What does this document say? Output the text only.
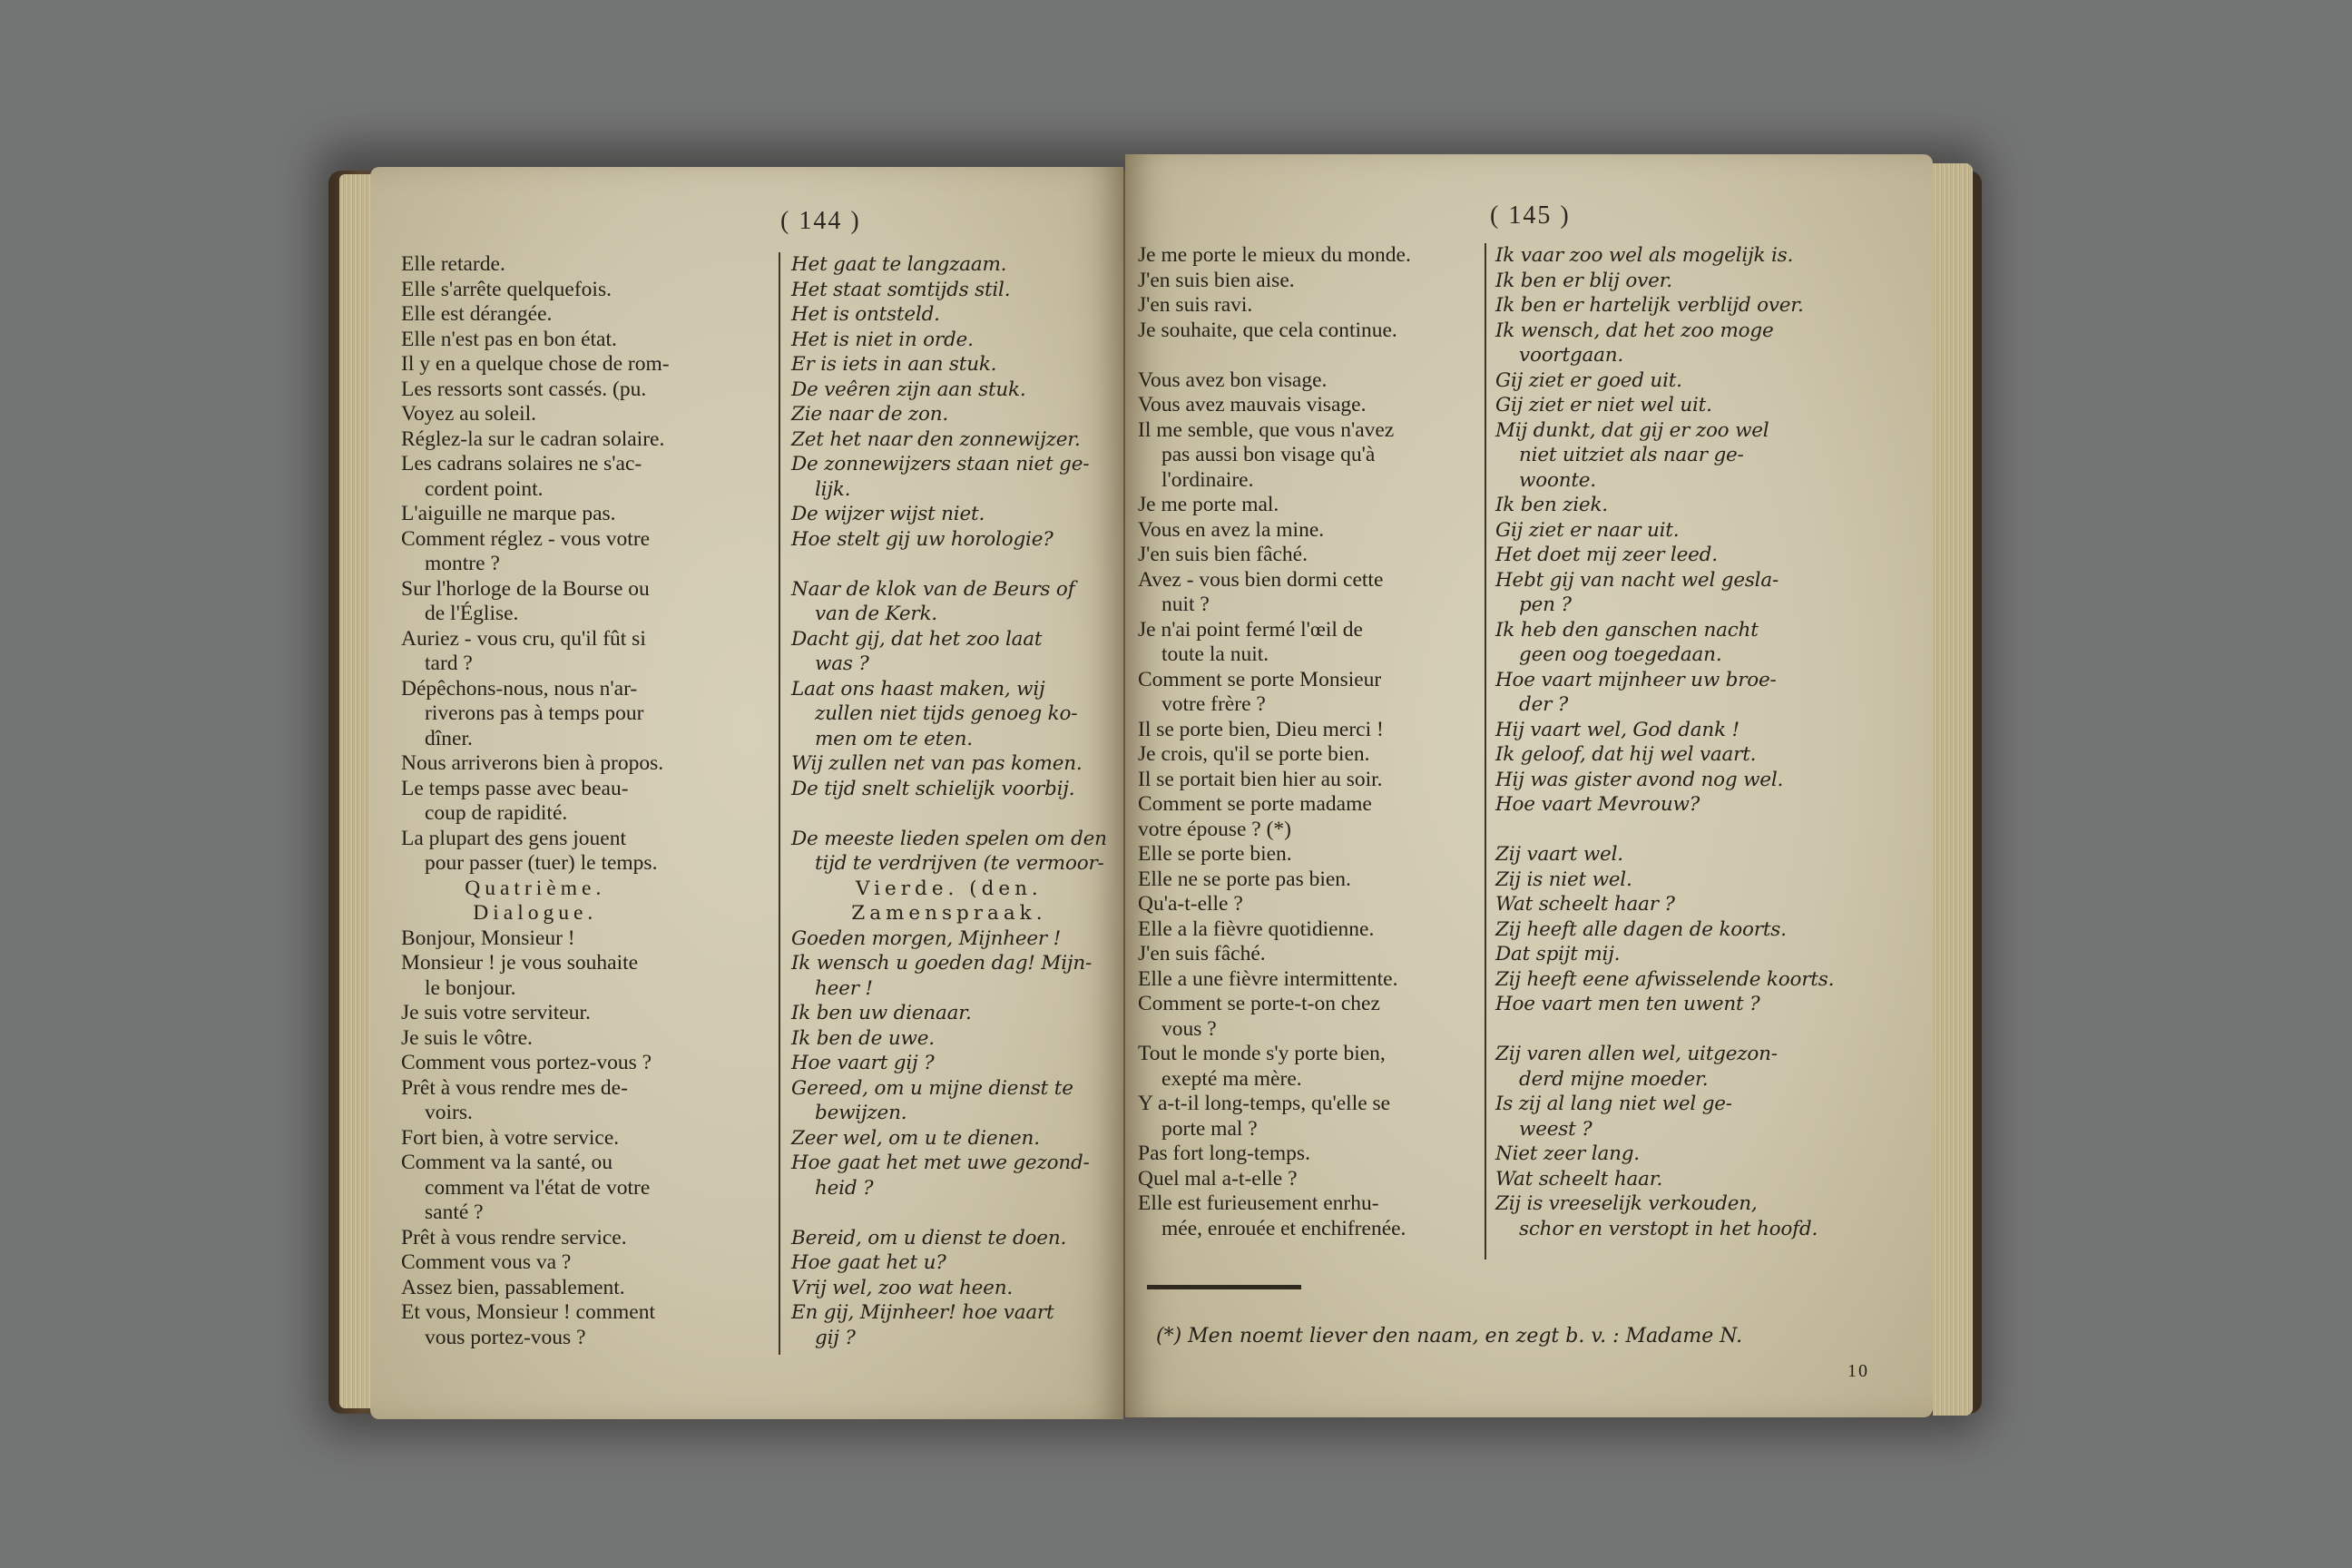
( 144 )
Elle retarde.
Elle s'arrête quelquefois.
Elle est dérangée.
Elle n'est pas en bon état.
Il y en a quelque chose de rom-
Les ressorts sont cassés. (pu.
Voyez au soleil.
Réglez-la sur le cadran solaire.
Les cadrans solaires ne s'ac-
cordent point.
L'aiguille ne marque pas.
Comment réglez - vous votre
montre ?
Sur l'horloge de la Bourse ou
de l'Église.
Auriez - vous cru, qu'il fût si
tard ?
Dépêchons-nous, nous n'ar-
riverons pas à temps pour
dîner.
Nous arriverons bien à propos.
Le temps passe avec beau-
coup de rapidité.
La plupart des gens jouent
pour passer (tuer) le temps.
Quatrième.
Dialogue.
Bonjour, Monsieur !
Monsieur ! je vous souhaite
le bonjour.
Je suis votre serviteur.
Je suis le vôtre.
Comment vous portez-vous ?
Prêt à vous rendre mes de-
voirs.
Fort bien, à votre service.
Comment va la santé, ou
comment va l'état de votre
santé ?
Prêt à vous rendre service.
Comment vous va ?
Assez bien, passablement.
Et vous, Monsieur ! comment
vous portez-vous ?
Het gaat te langzaam.
Het staat somtijds stil.
Het is ontsteld.
Het is niet in orde.
Er is iets in aan stuk.
De veêren zijn aan stuk.
Zie naar de zon.
Zet het naar den zonnewijzer.
De zonnewijzers staan niet ge-
lijk.
De wijzer wijst niet.
Hoe stelt gij uw horologie?
Naar de klok van de Beurs of
van de Kerk.
Dacht gij, dat het zoo laat
was ?
Laat ons haast maken, wij
zullen niet tijds genoeg ko-
men om te eten.
Wij zullen net van pas komen.
De tijd snelt schielijk voorbij.
De meeste lieden spelen om den
tijd te verdrijven (te vermoor-
Vierde. (den.
Zamenspraak.
Goeden morgen, Mijnheer !
Ik wensch u goeden dag! Mijn-
heer !
Ik ben uw dienaar.
Ik ben de uwe.
Hoe vaart gij ?
Gereed, om u mijne dienst te
bewijzen.
Zeer wel, om u te dienen.
Hoe gaat het met uwe gezond-
heid ?
Bereid, om u dienst te doen.
Hoe gaat het u?
Vrij wel, zoo wat heen.
En gij, Mijnheer! hoe vaart
gij ?
( 145 )
Je me porte le mieux du monde.
J'en suis bien aise.
J'en suis ravi.
Je souhaite, que cela continue.
Vous avez bon visage.
Vous avez mauvais visage.
Il me semble, que vous n'avez
pas aussi bon visage qu'à
l'ordinaire.
Je me porte mal.
Vous en avez la mine.
J'en suis bien fâché.
Avez - vous bien dormi cette
nuit ?
Je n'ai point fermé l'œil de
toute la nuit.
Comment se porte Monsieur
votre frère ?
Il se porte bien, Dieu merci !
Je crois, qu'il se porte bien.
Il se portait bien hier au soir.
Comment se porte madame
votre épouse ? (*)
Elle se porte bien.
Elle ne se porte pas bien.
Qu'a-t-elle ?
Elle a la fièvre quotidienne.
J'en suis fâché.
Elle a une fièvre intermittente.
Comment se porte-t-on chez
vous ?
Tout le monde s'y porte bien,
exepté ma mère.
Y a-t-il long-temps, qu'elle se
porte mal ?
Pas fort long-temps.
Quel mal a-t-elle ?
Elle est furieusement enrhu-
mée, enrouée et enchifrenée.
Ik vaar zoo wel als mogelijk is.
Ik ben er blij over.
Ik ben er hartelijk verblijd over.
Ik wensch, dat het zoo moge
voortgaan.
Gij ziet er goed uit.
Gij ziet er niet wel uit.
Mij dunkt, dat gij er zoo wel
niet uitziet als naar ge-
woonte.
Ik ben ziek.
Gij ziet er naar uit.
Het doet mij zeer leed.
Hebt gij van nacht wel gesla-
pen ?
Ik heb den ganschen nacht
geen oog toegedaan.
Hoe vaart mijnheer uw broe-
der ?
Hij vaart wel, God dank !
Ik geloof, dat hij wel vaart.
Hij was gister avond nog wel.
Hoe vaart Mevrouw?
Zij vaart wel.
Zij is niet wel.
Wat scheelt haar ?
Zij heeft alle dagen de koorts.
Dat spijt mij.
Zij heeft eene afwisselende koorts.
Hoe vaart men ten uwent ?
Zij varen allen wel, uitgezon-
derd mijne moeder.
Is zij al lang niet wel ge-
weest ?
Niet zeer lang.
Wat scheelt haar.
Zij is vreeselijk verkouden,
schor en verstopt in het hoofd.
(*) Men noemt liever den naam, en zegt b. v. : Madame N.
10
